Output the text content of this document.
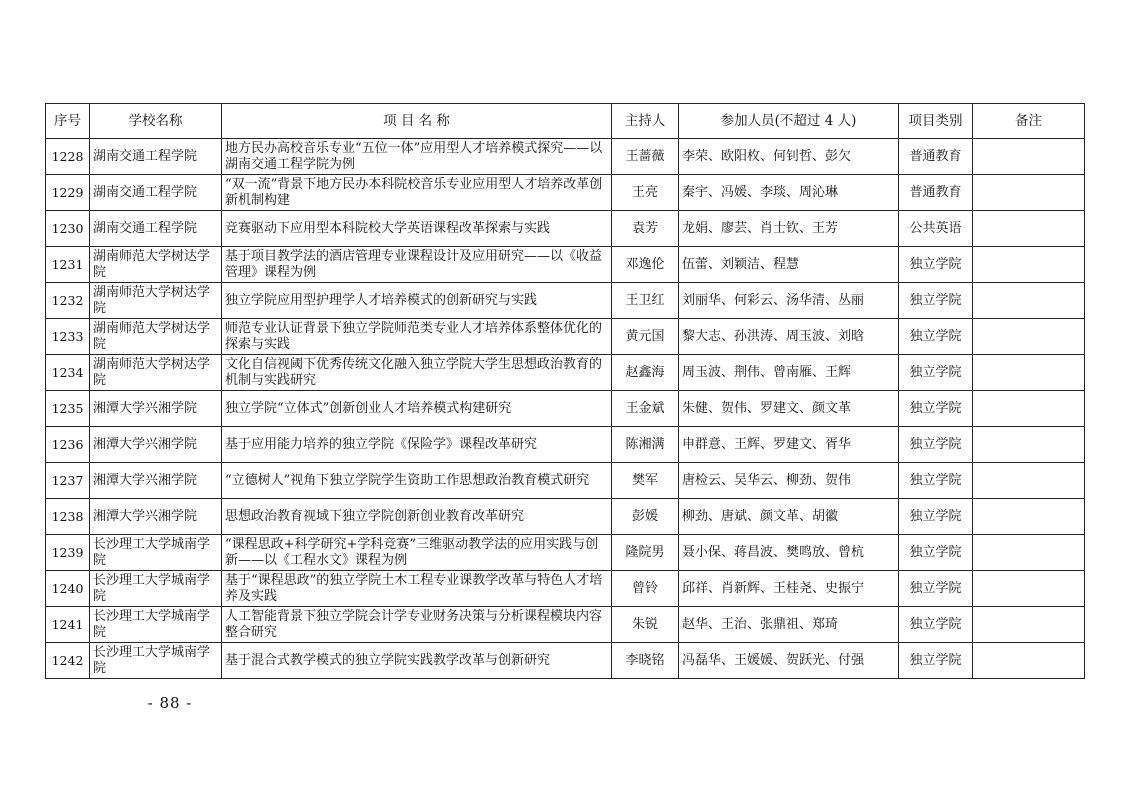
序号	学校名称	项 目 名 称	主持人	参加人员(不超过 4 人)	项目类别	备注
1228	湖南交通工程学院	地方民办高校音乐专业“五位一体”应用型人才培养模式探究——以湖南交通工程学院为例	王蔷薇	李荣、欧阳枚、何钊哲、彭欠	普通教育	
1229	湖南交通工程学院	“双一流”背景下地方民办本科院校音乐专业应用型人才培养改革创新机制构建	王亮	秦宇、冯媛、李琰、周沁琳	普通教育	
1230	湖南交通工程学院	竞赛驱动下应用型本科院校大学英语课程改革探索与实践	袁芳	龙娟、廖芸、肖士钦、王芳	公共英语	
1231	湖南师范大学树达学院	基于项目教学法的酒店管理专业课程设计及应用研究——以《收益管理》课程为例	邓逸伦	伍蕾、刘颖洁、程慧	独立学院	
1232	湖南师范大学树达学院	独立学院应用型护理学人才培养模式的创新研究与实践	王卫红	刘丽华、何彩云、汤华清、丛丽	独立学院	
1233	湖南师范大学树达学院	师范专业认证背景下独立学院师范类专业人才培养体系整体优化的探索与实践	黄元国	黎大志、孙洪涛、周玉波、刘晗	独立学院	
1234	湖南师范大学树达学院	文化自信视阈下优秀传统文化融入独立学院大学生思想政治教育的机制与实践研究	赵鑫海	周玉波、荆伟、曾南雁、王辉	独立学院	
1235	湘潭大学兴湘学院	独立学院“立体式”创新创业人才培养模式构建研究	王金斌	朱健、贺伟、罗建文、颜文革	独立学院	
1236	湘潭大学兴湘学院	基于应用能力培养的独立学院《保险学》课程改革研究	陈湘满	申群意、王辉、罗建文、胥华	独立学院	
1237	湘潭大学兴湘学院	“立德树人”视角下独立学院学生资助工作思想政治教育模式研究	樊军	唐检云、吴华云、柳劲、贺伟	独立学院	
1238	湘潭大学兴湘学院	思想政治教育视域下独立学院创新创业教育改革研究	彭媛	柳劲、唐斌、颜文革、胡徽	独立学院	
1239	长沙理工大学城南学院	“课程思政+科学研究+学科竞赛”三维驱动教学法的应用实践与创新——以《工程水文》课程为例	隆院男	聂小保、蒋昌波、樊鸣放、曾杭	独立学院	
1240	长沙理工大学城南学院	基于“课程思政”的独立学院土木工程专业课教学改革与特色人才培养及实践	曾铃	邱祥、肖新辉、王桂尧、史振宁	独立学院	
1241	长沙理工大学城南学院	人工智能背景下独立学院会计学专业财务决策与分析课程模块内容整合研究	朱锐	赵华、王治、张鼎祖、郑琦	独立学院	
1242	长沙理工大学城南学院	基于混合式教学模式的独立学院实践教学改革与创新研究	李晓铭	冯磊华、王媛媛、贺跃光、付强	独立学院	
- 88 -
